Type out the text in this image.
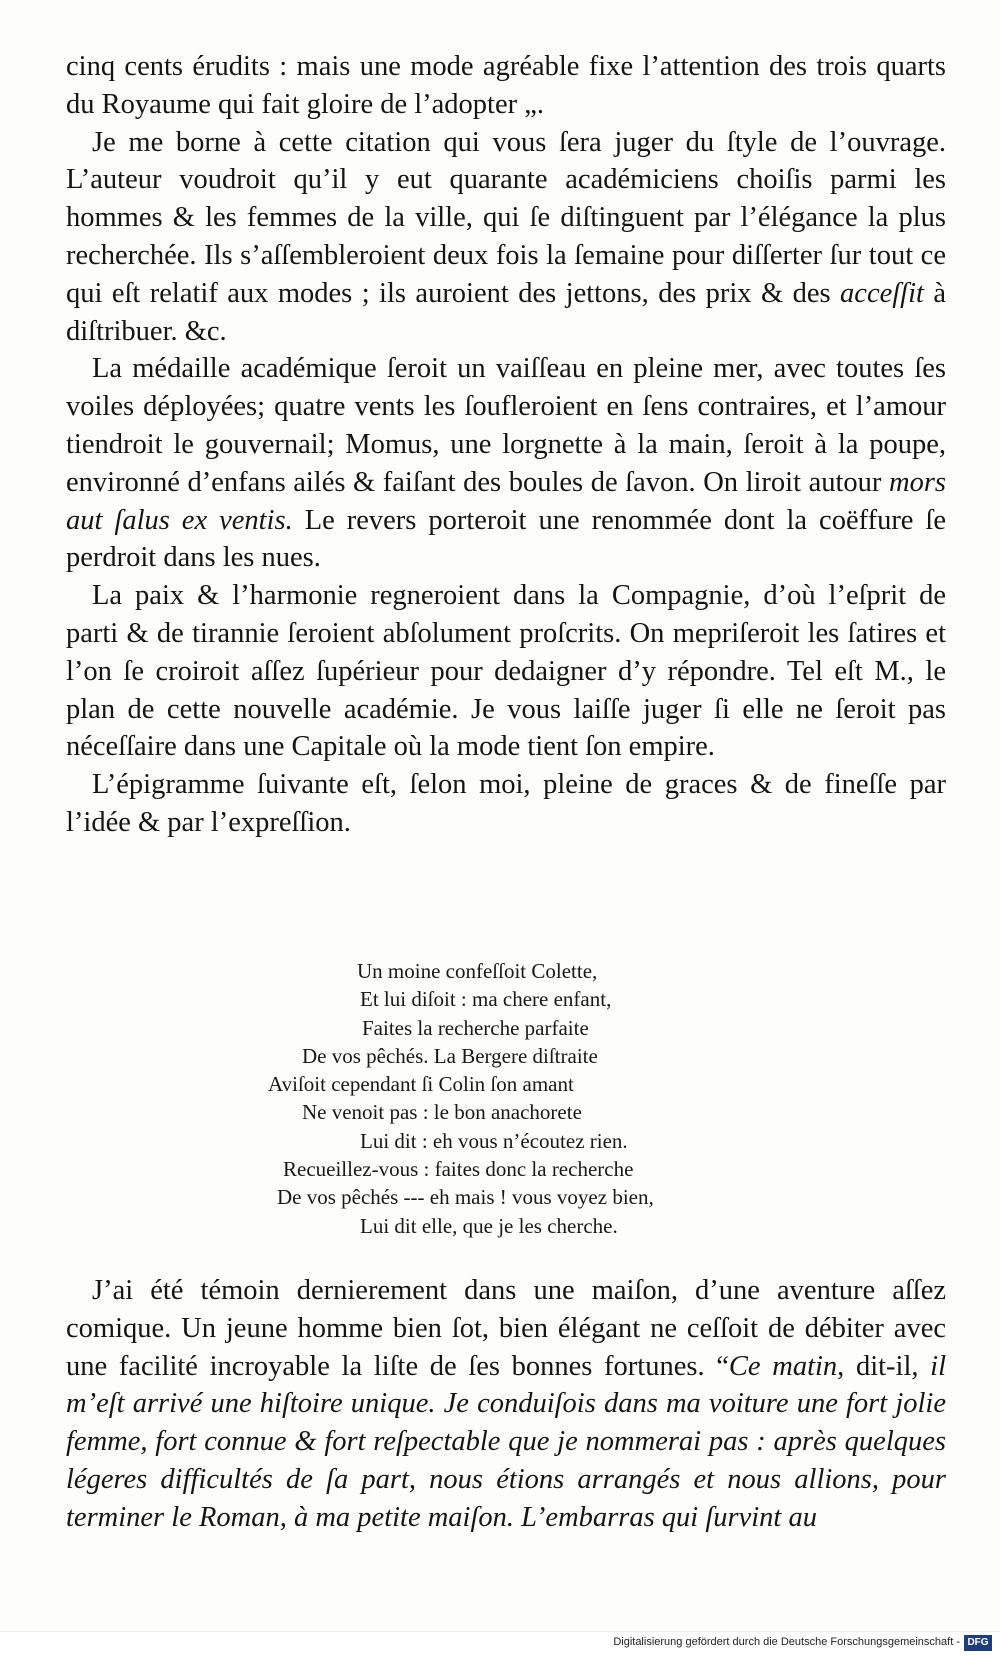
cinq cents érudits : mais une mode agréable fixe l’attention des trois quarts du Royaume qui fait gloire de l’adopter „.

Je me borne à cette citation qui vous ſera juger du ſtyle de l’ouvrage. L’auteur voudroit qu’il y eut quarante académiciens choiſis parmi les hommes & les femmes de la ville, qui ſe diſtinguent par l’élégance la plus recherchée. Ils s’aſſembleroient deux fois la ſemaine pour diſſerter ſur tout ce qui eſt relatif aux modes ; ils auroient des jettons, des prix & des acceſſit à diſtribuer. &c.

La médaille académique ſeroit un vaiſſeau en pleine mer, avec toutes ſes voiles déployées; quatre vents les ſoufleroient en ſens contraires, et l’amour tiendroit le gouvernail; Momus, une lorgnette à la main, ſeroit à la poupe, environné d’enfans ailés & faiſant des boules de ſavon. On liroit autour mors aut ſalus ex ventis. Le revers porteroit une renommée dont la coëffure ſe perdroit dans les nues.

La paix & l’harmonie regneroient dans la Compagnie, d’où l’eſprit de parti & de tirannie ſeroient abſolument proſcrits. On mepriſeroit les ſatires et l’on ſe croiroit aſſez ſupérieur pour dedaigner d’y répondre. Tel eſt M., le plan de cette nouvelle académie. Je vous laiſſe juger ſi elle ne ſeroit pas néceſſaire dans une Capitale où la mode tient ſon empire.

L’épigramme ſuivante eſt, ſelon moi, pleine de graces & de fineſſe par l’idée & par l’expreſſion.

Un moine confeſſoit Colette,
Et lui diſoit : ma chere enfant,
Faites la recherche parfaite
De vos pêchés. La Bergere diſtraite
Aviſoit cependant ſi Colin ſon amant
Ne venoit pas : le bon anachorete
Lui dit : eh vous n’écoutez rien.
Recueillez-vous : faites donc la recherche
De vos pêchés --- eh mais ! vous voyez bien,
Lui dit elle, que je les cherche.

J’ai été témoin dernierement dans une maiſon, d’une aventure aſſez comique. Un jeune homme bien ſot, bien élégant ne ceſſoit de débiter avec une facilité incroyable la liſte de ſes bonnes fortunes. “Ce matin, dit-il, il m’eſt arrivé une hiſtoire unique. Je conduiſois dans ma voiture une fort jolie femme, fort connue & fort reſpectable que je nommerai pas : après quelques légeres difficultés de ſa part, nous étions arrangés et nous allions, pour terminer le Roman, à ma petite maiſon. L’embarras qui ſurvint au

Digitalisierung gefördert durch die Deutsche Forschungsgemeinschaft - DFG
